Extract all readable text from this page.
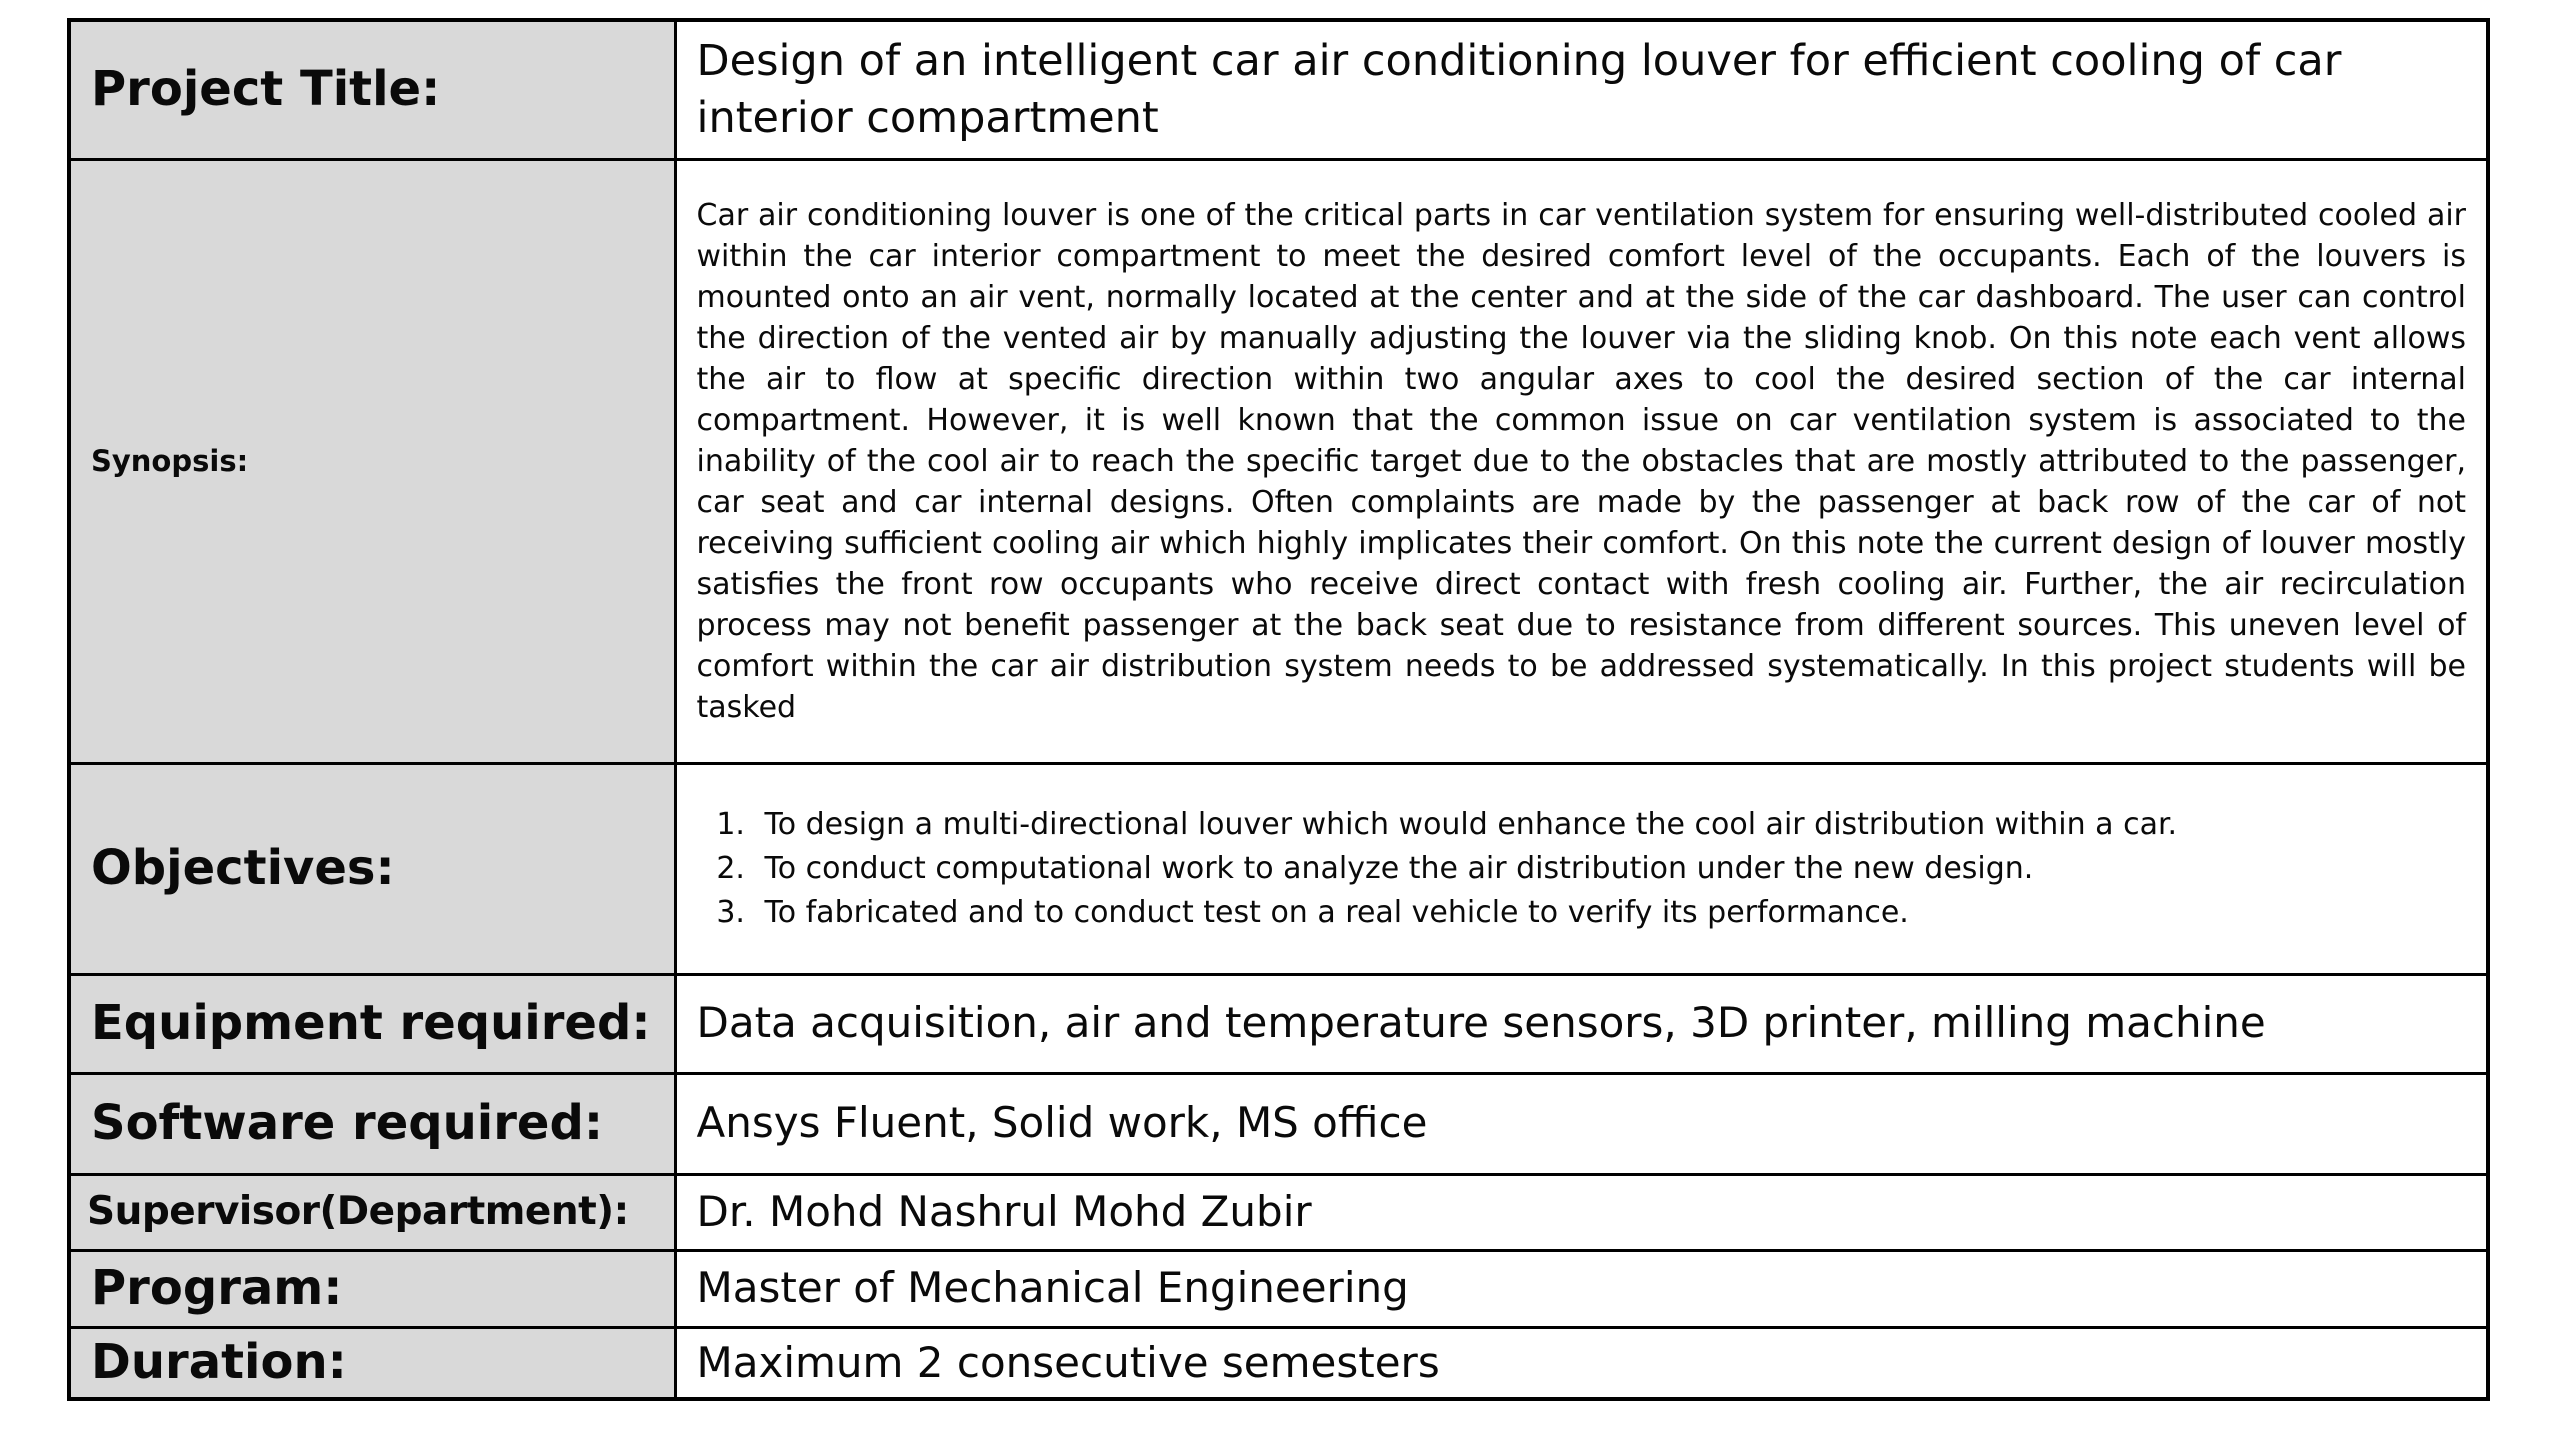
Project Title:	Design of an intelligent car air conditioning louver for efficient cooling of car interior compartment
Synopsis:	Car air conditioning louver is one of the critical parts in car ventilation system for ensuring well-distributed cooled air within the car interior compartment to meet the desired comfort level of the occupants. Each of the louvers is mounted onto an air vent, normally located at the center and at the side of the car dashboard. The user can control the direction of the vented air by manually adjusting the louver via the sliding knob. On this note each vent allows the air to flow at specific direction within two angular axes to cool the desired section of the car internal compartment. However, it is well known that the common issue on car ventilation system is associated to the inability of the cool air to reach the specific target due to the obstacles that are mostly attributed to the passenger, car seat and car internal designs. Often complaints are made by the passenger at back row of the car of not receiving sufficient cooling air which highly implicates their comfort. On this note the current design of louver mostly satisfies the front row occupants who receive direct contact with fresh cooling air. Further, the air recirculation process may not benefit passenger at the back seat due to resistance from different sources. This uneven level of comfort within the car air distribution system needs to be addressed systematically. In this project students will be tasked
Objectives:	
1. To design a multi-directional louver which would enhance the cool air distribution within a car.
2. To conduct computational work to analyze the air distribution under the new design.
3. To fabricated and to conduct test on a real vehicle to verify its performance.

Equipment required:	Data acquisition, air and temperature sensors, 3D printer, milling machine
Software required:	Ansys Fluent, Solid work, MS office
Supervisor(Department):	Dr. Mohd Nashrul Mohd Zubir
Program:	Master of Mechanical Engineering
Duration:	Maximum 2 consecutive semesters
